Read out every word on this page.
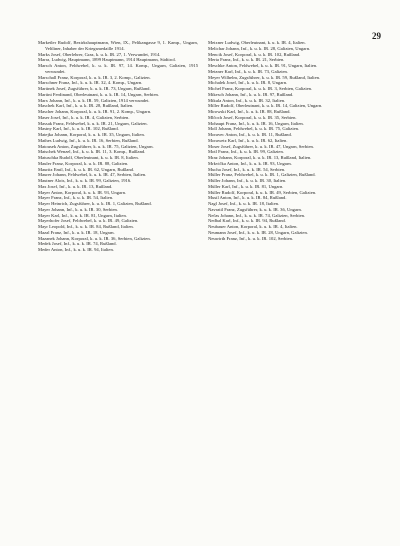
29

Marketler Rudolf, Bezirkshauptmann, Wien, IX., Pelikangasse 9, 1. Kamp., Ungarn, Veltliner, Inhaber der Kriegsmedaille 1914.

Marks Josef, Oberlehrer, Graz, k. u. k. IR. 27, 1. Verwundet, 1914.

Marra, Ludwig, Hauptmann, 1899 Hauptmann, 1914 Hauptmann, Südtirol.

Marsch Anton, Feldwebel, k. u. k. IR. 97, 14. Komp., Ungarn, Galizien, 1915 verwundet.

Marschall Franz, Korporal, k. u. k. IR. 3, 2. Komp., Galizien.

Marschner Franz, Inf., k. u. k. IR. 32, 4. Komp., Ungarn.

Martinek Josef, Zugsführer, k. u. k. IR. 73, Ungarn, Rußland.

Martini Ferdinand, Oberleutnant, k. u. k. IR. 14, Ungarn, Serbien.

Marx Johann, Inf., k. u. k. IR. 59, Galizien, 1914 verwundet.

Maschek Karl, Inf., k. u. k. IR. 28, Rußland, Italien.

Mascher Johann, Korporal, k. u. k. IR. 91, 2. Komp., Ungarn.

Maser Josef, Inf., k. u. k. IR. 4, Galizien, Serbien.

Massak Franz, Feldwebel, k. u. k. IR. 21, Ungarn, Galizien.

Mastny Karl, Inf., k. u. k. IR. 102, Rußland.

Matejka Johann, Korporal, k. u. k. IR. 35, Ungarn, Italien.

Mathes Ludwig, Inf., k. u. k. IR. 16, Serbien, Rußland.

Matousek Anton, Zugsführer, k. u. k. IR. 75, Galizien, Ungarn.

Matschek Wenzel, Inf., k. u. k. IR. 11, 3. Komp., Rußland.

Matuschka Rudolf, Oberleutnant, k. u. k. IR. 8, Italien.

Mauler Franz, Korporal, k. u. k. IR. 88, Galizien.

Mauritz Emil, Inf., k. u. k. IR. 62, Ungarn, Rußland.

Maurer Johann, Feldwebel, k. u. k. IR. 47, Serbien, Italien.

Mautner Alois, Inf., k. u. k. IR. 99, Galizien, 1916.

Max Josef, Inf., k. u. k. IR. 13, Rußland.

Mayer Anton, Korporal, k. u. k. IR. 93, Ungarn.

Mayer Franz, Inf., k. u. k. IR. 54, Italien.

Mayer Heinrich, Zugsführer, k. u. k. IR. 1, Galizien, Rußland.

Mayer Johann, Inf., k. u. k. IR. 30, Serbien.

Mayer Karl, Inf., k. u. k. IR. 81, Ungarn, Italien.

Mayerhofer Josef, Feldwebel, k. u. k. IR. 49, Galizien.

Mayr Leopold, Inf., k. u. k. IR. 84, Rußland, Italien.

Mazal Franz, Inf., k. u. k. IR. 18, Ungarn.

Mazanek Johann, Korporal, k. u. k. IR. 36, Serbien, Galizien.

Medek Josef, Inf., k. u. k. IR. 74, Rußland.

Meder Anton, Inf., k. u. k. IR. 94, Italien.

Meixner Ludwig, Oberleutnant, k. u. k. IR. 4, Italien.

Melichar Johann, Inf., k. u. k. IR. 28, Galizien, Ungarn.

Mencik Josef, Korporal, k. u. k. IR. 102, Rußland.

Merta Franz, Inf., k. u. k. IR. 21, Serbien.

Meschke Anton, Feldwebel, k. u. k. IR. 91, Ungarn, Italien.

Metzner Karl, Inf., k. u. k. IR. 73, Galizien.

Meyer Wilhelm, Zugsführer, k. u. k. IR. 59, Rußland, Italien.

Michalek Josef, Inf., k. u. k. IR. 8, Ungarn.

Michel Franz, Korporal, k. u. k. IR. 3, Serbien, Galizien.

Mikesch Johann, Inf., k. u. k. IR. 97, Rußland.

Mikula Anton, Inf., k. u. k. IR. 32, Italien.

Miller Rudolf, Oberleutnant, k. u. k. IR. 14, Galizien, Ungarn.

Mirowski Karl, Inf., k. u. k. IR. 88, Rußland.

Mlčoch Josef, Korporal, k. u. k. IR. 35, Serbien.

Mohaupt Franz, Inf., k. u. k. IR. 16, Ungarn, Italien.

Moll Johann, Feldwebel, k. u. k. IR. 75, Galizien.

Moravec Anton, Inf., k. u. k. IR. 11, Rußland.

Morawetz Karl, Inf., k. u. k. IR. 62, Italien.

Moser Josef, Zugsführer, k. u. k. IR. 47, Ungarn, Serbien.

Motl Franz, Inf., k. u. k. IR. 99, Galizien.

Mraz Johann, Korporal, k. u. k. IR. 13, Rußland, Italien.

Mrkvička Anton, Inf., k. u. k. IR. 93, Ungarn.

Mucha Josef, Inf., k. u. k. IR. 54, Serbien.

Müller Franz, Feldwebel, k. u. k. IR. 1, Galizien, Rußland.

Müller Johann, Inf., k. u. k. IR. 30, Italien.

Müller Karl, Inf., k. u. k. IR. 81, Ungarn.

Müller Rudolf, Korporal, k. u. k. IR. 49, Serbien, Galizien.

Musil Anton, Inf., k. u. k. IR. 84, Rußland.

Nagl Josef, Inf., k. u. k. IR. 18, Italien.

Navratil Franz, Zugsführer, k. u. k. IR. 36, Ungarn.

Nečas Johann, Inf., k. u. k. IR. 74, Galizien, Serbien.

Nedbal Karl, Inf., k. u. k. IR. 94, Rußland.

Neubauer Anton, Korporal, k. u. k. IR. 4, Italien.

Neumann Josef, Inf., k. u. k. IR. 28, Ungarn, Galizien.

Neuwirth Franz, Inf., k. u. k. IR. 102, Serbien.
